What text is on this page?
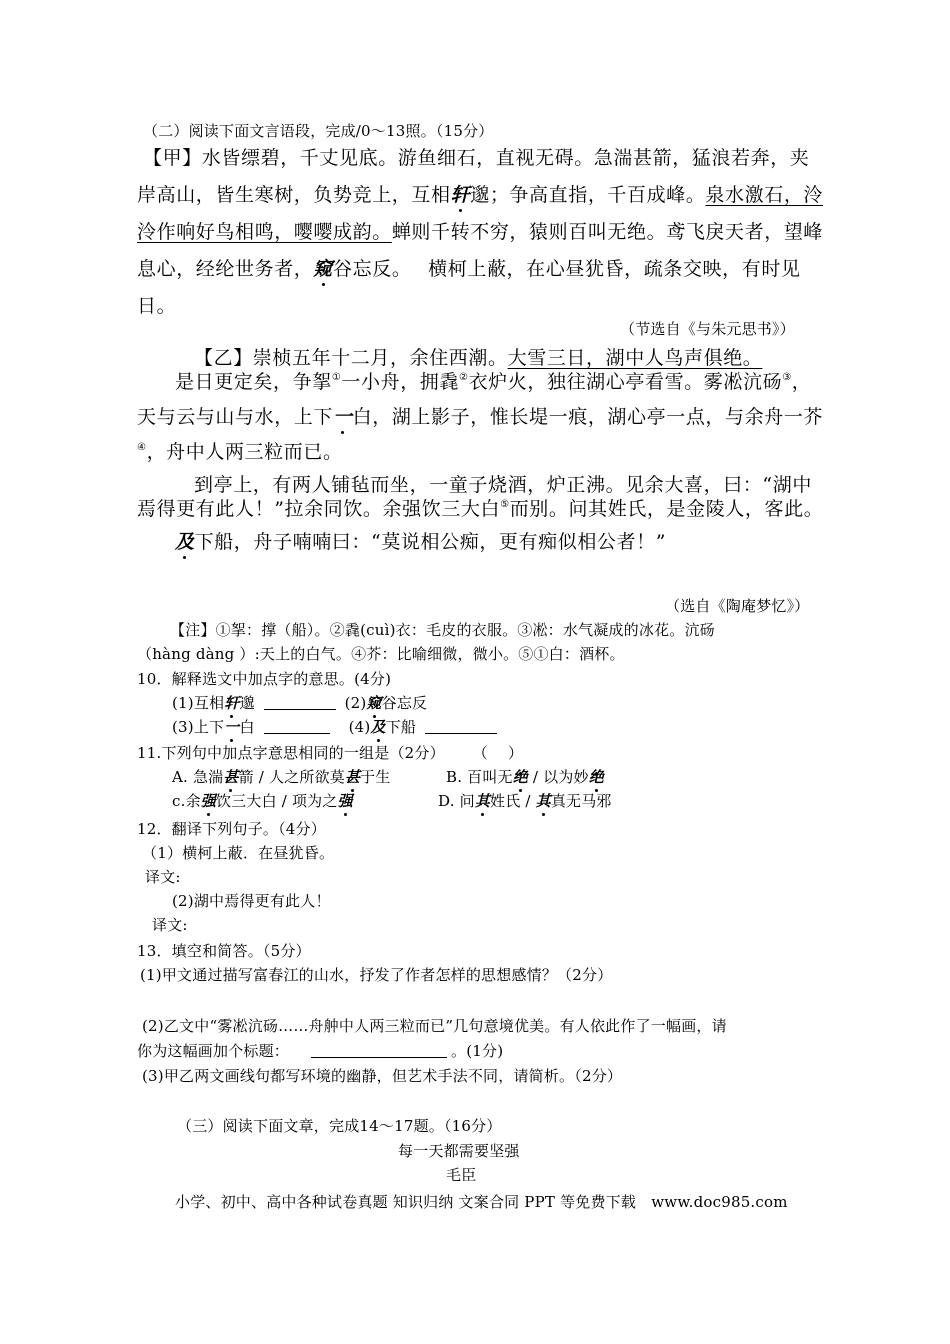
（二）阅读下面文言语段，完成/0～13照。（15分）
【甲】水皆缥碧，千丈见底。游鱼细石，直视无碍。急湍甚箭，猛浪若奔，夹
岸高山，皆生寒树，负势竞上，互相轩邈；争高直指，千百成峰。泉水激石，泠
泠作响好鸟相鸣，嘤嘤成韵。蝉则千转不穷，猿则百叫无绝。鸢飞戾天者，望峰
息心，经纶世务者，窥谷忘反。　 横柯上蔽，在心昼犹昏，疏条交映，有时见
日。
（节选自《与朱元思书》）
【乙】崇桢五年十二月，余住西潮。大雪三日，湖中人鸟声俱绝。
是日更定矣，争挐①一小舟，拥毳②衣炉火，独往湖心亭看雪。雾凇沆砀③，
天与云与山与水，上下一白，湖上影子，惟长堤一痕，湖心亭一点，与余舟一芥
④，舟中人两三粒而已。
到亭上，有两人铺毡而坐，一童子烧酒，炉正沸。见余大喜，曰：“湖中
焉得更有此人！”拉余同饮。余强饮三大白⑤而别。问其姓氏，是金陵人，客此。
及下船，舟子喃喃曰：“莫说相公痴，更有痴似相公者！”
（选自《陶庵梦忆》）
【注】①挐：撑（船）。②毳(cuì)衣：毛皮的衣服。③凇：水气凝成的冰花。沆砀
（hàng dàng ）:天上的白气。④芥：比喻细微，微小。⑤①白：酒杯。
10．解释选文中加点字的意思。(4分)
(1)互相轩邈	(2)窥谷忘反
(3)上下一白	(4)及下船
11.下列句中加点字意思相同的一组是（2分）　　 （　 ）
A. 急湍甚箭 / 人之所欲莫甚于生	B. 百叫无绝 / 以为妙绝
c.余强饮三大白 / 项为之强	D. 问其姓氏 / 其真无马邪
12．翻译下列句子。（4分）
（1）横柯上蔽．在昼犹昏。
译文:
(2)湖中焉得更有此人！
译文:
13．填空和简答。（5分）
(1)甲文通过描写富春江的山水，抒发了作者怎样的思想感情？（2分）
(2)乙文中“雾凇沆砀……舟舯中人两三粒而已”几句意境优美。有人依此作了一幅画，请
你为这幅画加个标题：	。(1分)
(3)甲乙两文画线句都写环境的幽静，但艺术手法不同，请简析。（2分）
（三）阅读下面文章，完成14～17题。（16分）
每一天都需要坚强
毛臣
小学、初中、高中各种试卷真题 知识归纳 文案合同 PPT 等免费下载　www.doc985.com
